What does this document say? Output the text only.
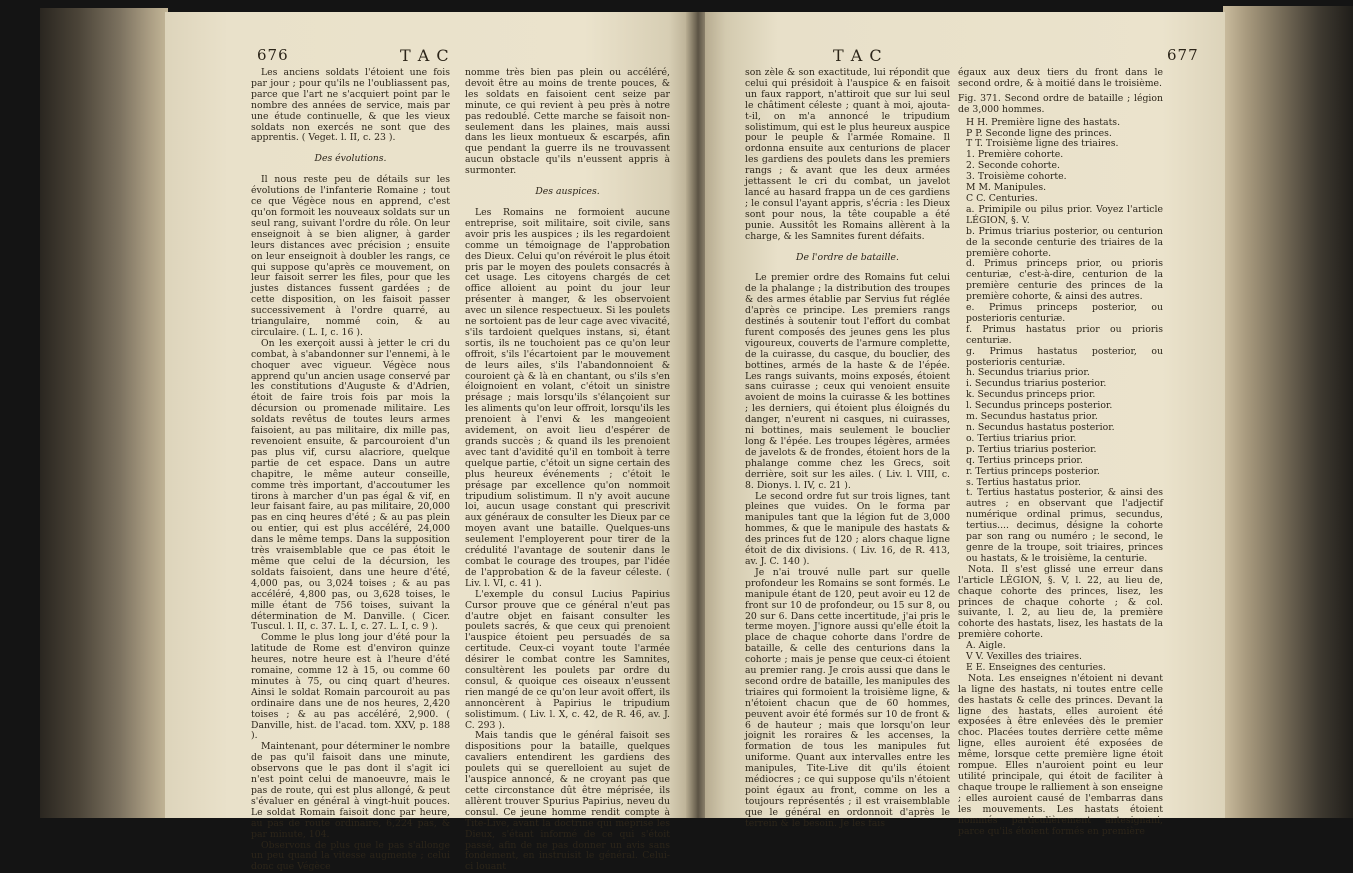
676	T A C

Les anciens soldats l'étoient une fois par jour ; pour qu'ils ne l'oubliassent pas, parce que l'art ne s'acquiert point par le nombre des années de service, mais par une étude continuelle, & que les vieux soldats non exercés ne sont que des apprentis. ( Veget. l. II, c. 23 ).

Des évolutions.

Il nous reste peu de détails sur les évolutions de l'infanterie Romaine ; tout ce que Végèce nous en apprend, c'est qu'on formoit les nouveaux soldats sur un seul rang, suivant l'ordre du rôle. On leur enseignoit à se bien aligner, à garder leurs distances avec précision ; ensuite on leur enseignoit à doubler les rangs, ce qui suppose qu'après ce mouvement, on leur faisoit serrer les files, pour que les justes distances fussent gardées ; de cette disposition, on les faisoit passer successivement à l'ordre quarré, au triangulaire, nommé coin, & au circulaire. ( L. I, c. 16 ).

On les exerçoit aussi à jetter le cri du combat, à s'abandonner sur l'ennemi, à le choquer avec vigueur. Végèce nous apprend qu'un ancien usage conservé par les constitutions d'Auguste & d'Adrien, étoit de faire trois fois par mois la décursion ou promenade militaire. Les soldats revêtus de toutes leurs armes faisoient, au pas militaire, dix mille pas, revenoient ensuite, & parcouroient d'un pas plus vif, cursu alacriore, quelque partie de cet espace. Dans un autre chapitre, le même auteur conseille, comme très important, d'accoutumer les tirons à marcher d'un pas égal & vif, en leur faisant faire, au pas militaire, 20,000 pas en cinq heures d'été ; & au pas plein ou entier, qui est plus accéléré, 24,000 dans le même temps. Dans la supposition très vraisemblable que ce pas étoit le même que celui de la décursion, les soldats faisoient, dans une heure d'été, 4,000 pas, ou 3,024 toises ; & au pas accéléré, 4,800 pas, ou 3,628 toises, le mille étant de 756 toises, suivant la détermination de M. Danville. ( Cicer. Tuscul. l. II, c. 37. L. I, c. 27. L. I, c. 9 ).

Comme le plus long jour d'été pour la latitude de Rome est d'environ quinze heures, notre heure est à l'heure d'été romaine, comme 12 à 15, ou comme 60 minutes à 75, ou cinq quart d'heures. Ainsi le soldat Romain parcouroit au pas ordinaire dans une de nos heures, 2,420 toises ; & au pas accéléré, 2,900. ( Danville, hist. de l'acad. tom. XXV, p. 188 ).

Maintenant, pour déterminer le nombre de pas qu'il faisoit dans une minute, observons que le pas dont il s'agit ici n'est point celui de manoeuvre, mais le pas de route, qui est plus allongé, & peut s'évaluer en général à vingt-huit pouces. Le soldat Romain faisoit donc par heure, au pas de route ordinaire, 6,224 pas, & par minute, 104.

Observons de plus que le pas s'allonge un peu quand la vitesse augmente ; celui donc que Végèce

nomme très bien pas plein ou accéléré, devoit être au moins de trente pouces, & les soldats en faisoient cent seize par minute, ce qui revient à peu près à notre pas redoublé. Cette marche se faisoit non-seulement dans les plaines, mais aussi dans les lieux montueux & escarpés, afin que pendant la guerre ils ne trouvassent aucun obstacle qu'ils n'eussent appris à surmonter.

Des auspices.

Les Romains ne formoient aucune entreprise, soit militaire, soit civile, sans avoir pris les auspices ; ils les regardoient comme un témoignage de l'approbation des Dieux. Celui qu'on révéroit le plus étoit pris par le moyen des poulets consacrés à cet usage. Les citoyens chargés de cet office alloient au point du jour leur présenter à manger, & les observoient avec un silence respectueux. Si les poulets ne sortoient pas de leur cage avec vivacité, s'ils tardoient quelques instans, si, étant sortis, ils ne touchoient pas ce qu'on leur offroit, s'ils l'écartoient par le mouvement de leurs ailes, s'ils l'abandonnoient & couroient çà & là en chantant, ou s'ils s'en éloignoient en volant, c'étoit un sinistre présage ; mais lorsqu'ils s'élançoient sur les aliments qu'on leur offroit, lorsqu'ils les prenoient à l'envi & les mangeoient avidement, on avoit lieu d'espérer de grands succès ; & quand ils les prenoient avec tant d'avidité qu'il en tomboit à terre quelque partie, c'étoit un signe certain des plus heureux événements ; c'étoit le présage par excellence qu'on nommoit tripudium solistimum. Il n'y avoit aucune loi, aucun usage constant qui prescrivit aux généraux de consulter les Dieux par ce moyen avant une bataille. Quelques-uns seulement l'employerent pour tirer de la crédulité l'avantage de soutenir dans le combat le courage des troupes, par l'idée de l'approbation & de la faveur céleste. ( Liv. l. VI, c. 41 ).

L'exemple du consul Lucius Papirius Cursor prouve que ce général n'eut pas d'autre objet en faisant consulter les poulets sacrés, & que ceux qui prenoient l'auspice étoient peu persuadés de sa certitude. Ceux-ci voyant toute l'armée désirer le combat contre les Samnites, consultèrent les poulets par ordre du consul, & quoique ces oiseaux n'eussent rien mangé de ce qu'on leur avoit offert, ils annoncèrent à Papirius le tripudium solistimum. ( Liv. l. X, c. 42, de R. 46, av. J. C. 293 ).

Mais tandis que le général faisoit ses dispositions pour la bataille, quelques cavaliers entendirent les gardiens des poulets qui se querelloient au sujet de l'auspice annoncé, & ne croyant pas que cette circonstance dût être méprisée, ils allèrent trouver Spurius Papirius, neveu du consul. Ce jeune homme rendit compte à Tite-Live, avant la doctrine qui méprise les Dieux, s'étant informé de ce qui s'étoit passé, afin de ne pas donner un avis sans fondement, en instruisit le général. Celui-ci louant

T A C	677

son zèle & son exactitude, lui répondit que celui qui présidoit à l'auspice & en faisoit un faux rapport, n'attiroit que sur lui seul le châtiment céleste ; quant à moi, ajouta-t-il, on m'a annoncé le tripudium solistimum, qui est le plus heureux auspice pour le peuple & l'armée Romaine. Il ordonna ensuite aux centurions de placer les gardiens des poulets dans les premiers rangs ; & avant que les deux armées jettassent le cri du combat, un javelot lancé au hasard frappa un de ces gardiens ; le consul l'ayant appris, s'écria : les Dieux sont pour nous, la tête coupable a été punie. Aussitôt les Romains allèrent à la charge, & les Samnites furent défaits.

De l'ordre de bataille.

Le premier ordre des Romains fut celui de la phalange ; la distribution des troupes & des armes établie par Servius fut réglée d'après ce principe. Les premiers rangs destinés à soutenir tout l'effort du combat furent composés des jeunes gens les plus vigoureux, couverts de l'armure complette, de la cuirasse, du casque, du bouclier, des bottines, armés de la haste & de l'épée. Les rangs suivants, moins exposés, étoient sans cuirasse ; ceux qui venoient ensuite avoient de moins la cuirasse & les bottines ; les derniers, qui étoient plus éloignés du danger, n'eurent ni casques, ni cuirasses, ni bottines, mais seulement le bouclier long & l'épée. Les troupes légères, armées de javelots & de frondes, étoient hors de la phalange comme chez les Grecs, soit derrière, soit sur les ailes. ( Liv. l. VIII, c. 8. Dionys. l. IV, c. 21 ).

Le second ordre fut sur trois lignes, tant pleines que vuides. On le forma par manipules tant que la légion fut de 3,000 hommes, & que le manipule des hastats & des princes fut de 120 ; alors chaque ligne étoit de dix divisions. ( Liv. 16, de R. 413, av. J. C. 140 ).

Je n'ai trouvé nulle part sur quelle profondeur les Romains se sont formés. Le manipule étant de 120, peut avoir eu 12 de front sur 10 de profondeur, ou 15 sur 8, ou 20 sur 6. Dans cette incertitude, j'ai pris le terme moyen. J'ignore aussi qu'elle étoit la place de chaque cohorte dans l'ordre de bataille, & celle des centurions dans la cohorte ; mais je pense que ceux-ci étoient au premier rang. Je crois aussi que dans le second ordre de bataille, les manipules des triaires qui formoient la troisième ligne, & n'étoient chacun que de 60 hommes, peuvent avoir été formés sur 10 de front & 6 de hauteur ; mais que lorsqu'on leur joignit les roraires & les accenses, la formation de tous les manipules fut uniforme. Quant aux intervalles entre les manipules, Tite-Live dit qu'ils étoient médiocres ; ce qui suppose qu'ils n'étoient point égaux au front, comme on les a toujours représentés ; il est vraisemblable que le général en ordonnoit d'après le terrein & le besoin. Je les fais

égaux aux deux tiers du front dans le second ordre, & à moitié dans le troisième.

Fig. 371. Second ordre de bataille ; légion de 3,000 hommes.

H H. Première ligne des hastats.

P P. Seconde ligne des princes.

T T. Troisième ligne des triaires.

1. Première cohorte.

2. Seconde cohorte.

3. Troisième cohorte.

M M. Manipules.

C C. Centuries.

a. Primipile ou pilus prior. Voyez l'article LÉGION, §. V.

b. Primus triarius posterior, ou centurion de la seconde centurie des triaires de la première cohorte.

d. Primus princeps prior, ou prioris centuriæ, c'est-à-dire, centurion de la première centurie des princes de la première cohorte, & ainsi des autres.

e. Primus princeps posterior, ou posterioris centuriæ.

f. Primus hastatus prior ou prioris centuriæ.

g. Primus hastatus posterior, ou posterioris centuriæ.

h. Secundus triarius prior.

i. Secundus triarius posterior.

k. Secundus princeps prior.

l. Secundus princeps posterior.

m. Secundus hastatus prior.

n. Secundus hastatus posterior.

o. Tertius triarius prior.

p. Tertius triarius posterior.

q. Tertius princeps prior.

r. Tertius princeps posterior.

s. Tertius hastatus prior.

t. Tertius hastatus posterior, & ainsi des autres ; en observant que l'adjectif numérique ordinal primus, secundus, tertius.... decimus, désigne la cohorte par son rang ou numéro ; le second, le genre de la troupe, soit triaires, princes ou hastats, & le troisième, la centurie.

Nota. Il s'est glissé une erreur dans l'article LÉGION, §. V, l. 22, au lieu de, chaque cohorte des princes, lisez, les princes de chaque cohorte ; & col. suivante, l. 2, au lieu de, la première cohorte des hastats, lisez, les hastats de la première cohorte.

A. Aigle.

V V. Vexilles des triaires.

E E. Enseignes des centuries.

Nota. Les enseignes n'étoient ni devant la ligne des hastats, ni toutes entre celle des hastats & celle des princes. Devant la ligne des hastats, elles auroient été exposées à être enlevées dès le premier choc. Placées toutes derrière cette même ligne, elles auroient été exposées de même, lorsque cette première ligne étoit rompue. Elles n'auroient point eu leur utilité principale, qui étoit de faciliter à chaque troupe le ralliement à son enseigne ; elles auroient causé de l'embarras dans les mouvements. Les hastats étoient nommés particulièrement antesignani, parce qu'ils étoient formés en première
